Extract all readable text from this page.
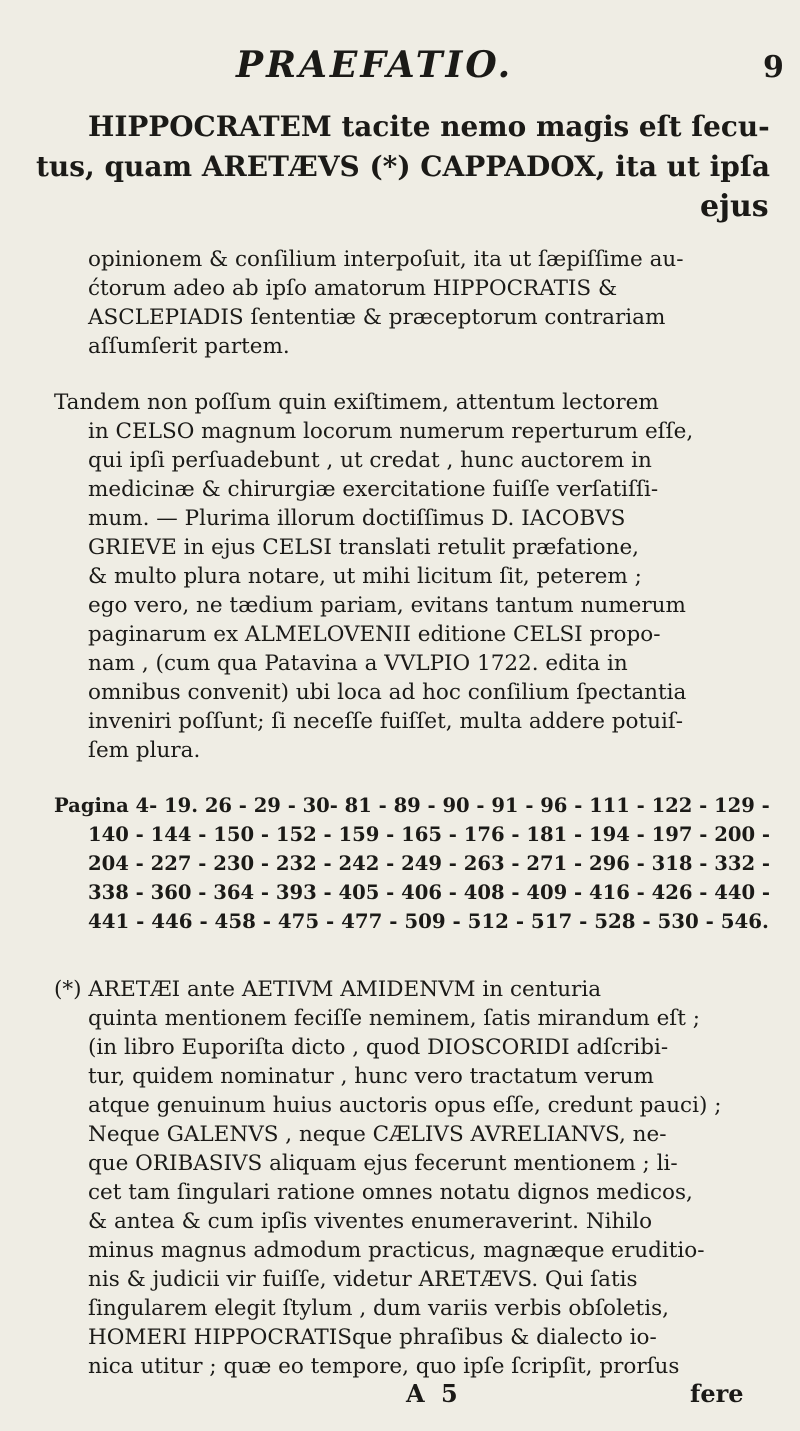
PRAEFATIO.	9
HIPPOCRATEM tacite nemo magis eſt ſecu-
tus, quam ARETÆVS (*) CAPPADOX, ita ut ipſa
ejus
opinionem & conſilium interpoſuit, ita ut ſæpiſſime au-
ćtorum adeo ab ipſo amatorum HIPPOCRATIS &
ASCLEPIADIS ſententiæ & præceptorum contrariam
aſſumſerit partem.
Tandem non poſſum quin exiſtimem, attentum lectorem
in CELSO magnum locorum numerum reperturum eſſe,
qui ipſi perſuadebunt , ut credat , hunc auctorem in
medicinæ & chirurgiæ exercitatione fuiſſe verſatiſſi-
mum. — Plurima illorum doctiſſimus D. IACOBVS
GRIEVE in ejus CELSI translati retulit præfatione,
& multo plura notare, ut mihi licitum ſit, peterem ;
ego vero, ne tædium pariam, evitans tantum numerum
paginarum ex ALMELOVENII editione CELSI propo-
nam , (cum qua Patavina a VVLPIO 1722. edita in
omnibus convenit) ubi loca ad hoc conſilium ſpectantia
inveniri poſſunt; ſi neceſſe fuiſſet, multa addere potuiſ-
ſem plura.
Pagina 4- 19. 26 - 29 - 30- 81 - 89 - 90 - 91 - 96 - 111 - 122 - 129 -
140 - 144 - 150 - 152 - 159 - 165 - 176 - 181 - 194 - 197 - 200 -
204 - 227 - 230 - 232 - 242 - 249 - 263 - 271 - 296 - 318 - 332 -
338 - 360 - 364 - 393 - 405 - 406 - 408 - 409 - 416 - 426 - 440 -
441 - 446 - 458 - 475 - 477 - 509 - 512 - 517 - 528 - 530 - 546.
(*) ARETÆI ante AETIVM AMIDENVM in centuria
quinta mentionem feciſſe neminem, ſatis mirandum eſt ;
(in libro Euporiſta dicto , quod DIOSCORIDI adſcribi-
tur, quidem nominatur , hunc vero tractatum verum
atque genuinum huius auctoris opus eſſe, credunt pauci) ;
Neque GALENVS , neque CÆLIVS AVRELIANVS, ne-
que ORIBASIVS aliquam ejus fecerunt mentionem ; li-
cet tam ſingulari ratione omnes notatu dignos medicos,
& antea & cum ipſis viventes enumeraverint. Nihilo
minus magnus admodum practicus, magnæque eruditio-
nis & judicii vir fuiſſe, videtur ARETÆVS. Qui ſatis
ſingularem elegit ſtylum , dum variis verbis obſoletis,
HOMERI HIPPOCRATISque phraſibus & dialecto io-
nica utitur ; quæ eo tempore, quo ipſe ſcripſit, prorſus
A 5	fere
